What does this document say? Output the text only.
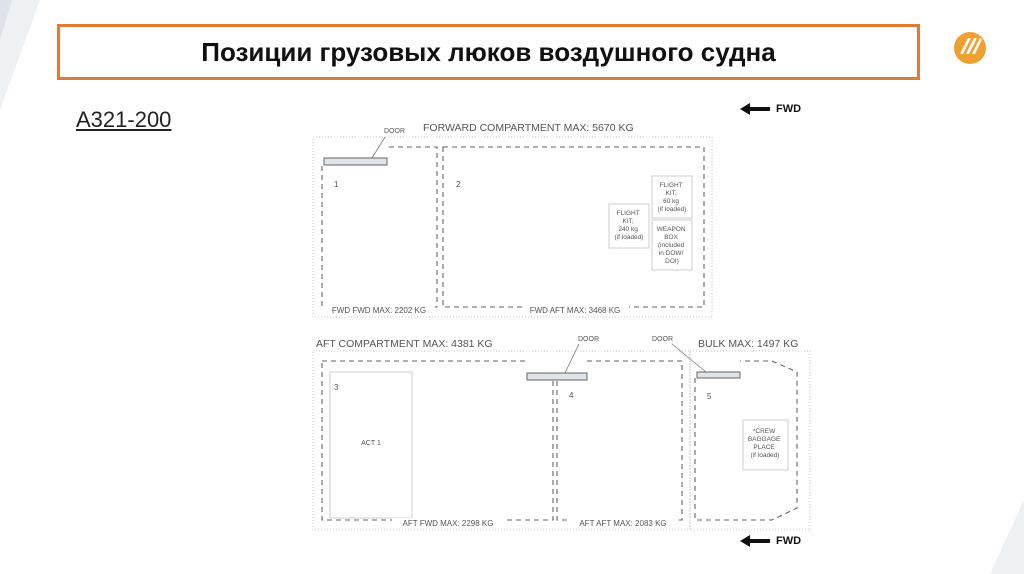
Позиции грузовых люков воздушного судна
A321-200	FWD
FWD
FORWARD COMPARTMENT MAX: 5670 KG
DOOR
1	2
FLIGHT KIT, 240 kg (if loaded)
FLIGHT KIT, 60 kg (if loaded)
WEAPON BOX (included in DOW/ DOI)
FWD FWD MAX: 2202 KG	FWD AFT MAX: 3468 KG
AFT COMPARTMENT MAX: 4381 KG	DOOR
3
ACT 1
4
AFT FWD MAX: 2298 KG	AFT AFT MAX: 2083 KG
BULK MAX: 1497 KG
DOOR
5
*CREW BAGGAGE PLACE (if loaded)
